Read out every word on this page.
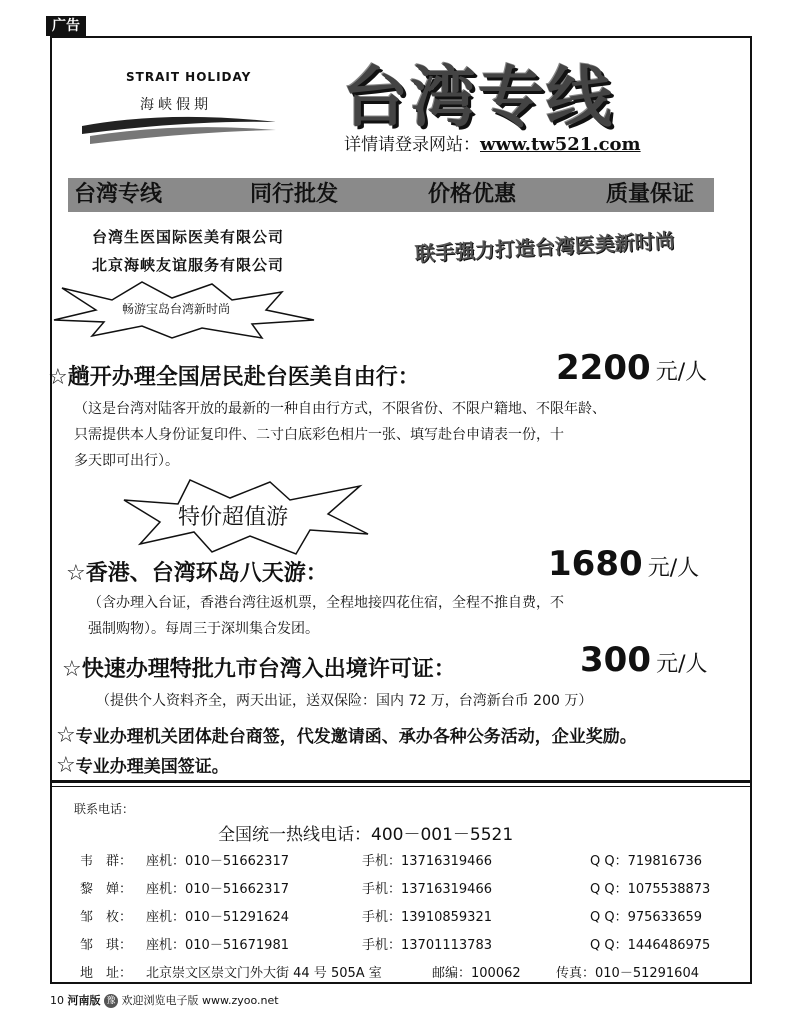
广告
STRAIT HOLIDAY
海峡假期 台湾专线
详情请登录网站：www.tw521.com
台湾专线	同行批发	价格优惠	质量保证
台湾生医国际医美有限公司
北京海峡友谊服务有限公司	联手强力打造台湾医美新时尚
畅游宝岛台湾新时尚
☆趟开办理全国居民赴台医美自由行：	2200 元/人
（这是台湾对陆客开放的最新的一种自由行方式，不限省份、不限户籍地、不限年龄、
只需提供本人身份证复印件、二寸白底彩色相片一张、填写赴台申请表一份，十
多天即可出行）。
特价超值游
☆香港、台湾环岛八天游：	1680 元/人
（含办理入台证，香港台湾往返机票，全程地接四花住宿，全程不推自费，不
强制购物）。每周三于深圳集合发团。
☆快速办理特批九市台湾入出境许可证：	300 元/人
（提供个人资料齐全，两天出证，送双保险：国内 72 万，台湾新台币 200 万）
☆专业办理机关团体赴台商签，代发邀请函、承办各种公务活动，企业奖励。
☆专业办理美国签证。
联系电话：
全国统一热线电话：400－001－5521
韦　群： 座机：010－51662317	手机：13716319466	Q Q：719816736
黎　婵： 座机：010－51662317	手机：13716319466	Q Q：1075538873
邹　枚： 座机：010－51291624	手机：13910859321	Q Q：975633659
邹　琪： 座机：010－51671981	手机：13701113783	Q Q：1446486975
地　址： 北京崇文区崇文门外大街 44 号 505A 室	邮编：100062	传真：010－51291604
10 河南版 豫 欢迎浏览电子版 www.zyoo.net
